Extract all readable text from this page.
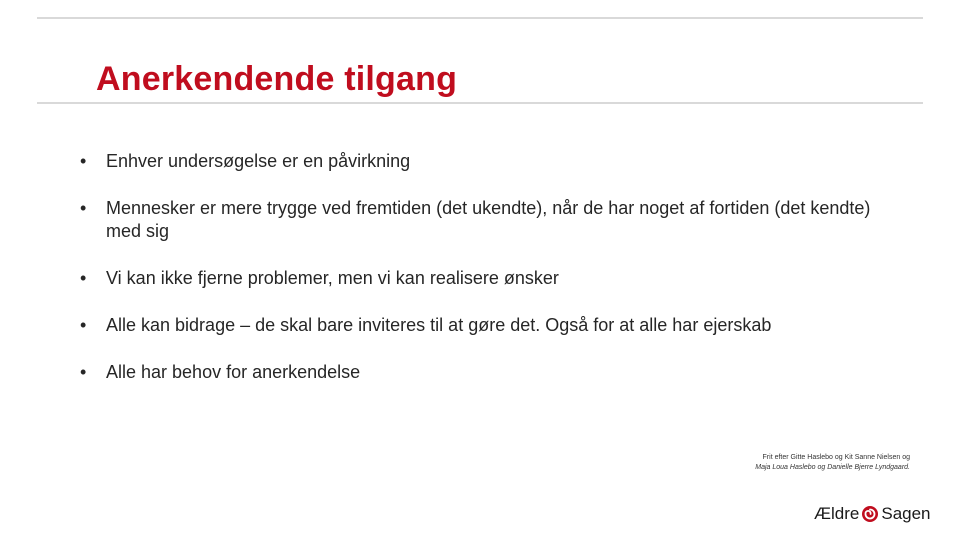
Anerkendende tilgang
• Enhver undersøgelse er en påvirkning
• Mennesker er mere trygge ved fremtiden (det ukendte), når de har noget af fortiden (det kendte) med sig
• Vi kan ikke fjerne problemer, men vi kan realisere ønsker
• Alle kan bidrage – de skal bare inviteres til at gøre det. Også for at alle har ejerskab
• Alle har behov for anerkendelse
Frit efter Gitte Haslebo og Kit Sanne Nielsen og
Maja Loua Haslebo og Danielle Bjerre Lyndgaard.
Ældre Sagen
